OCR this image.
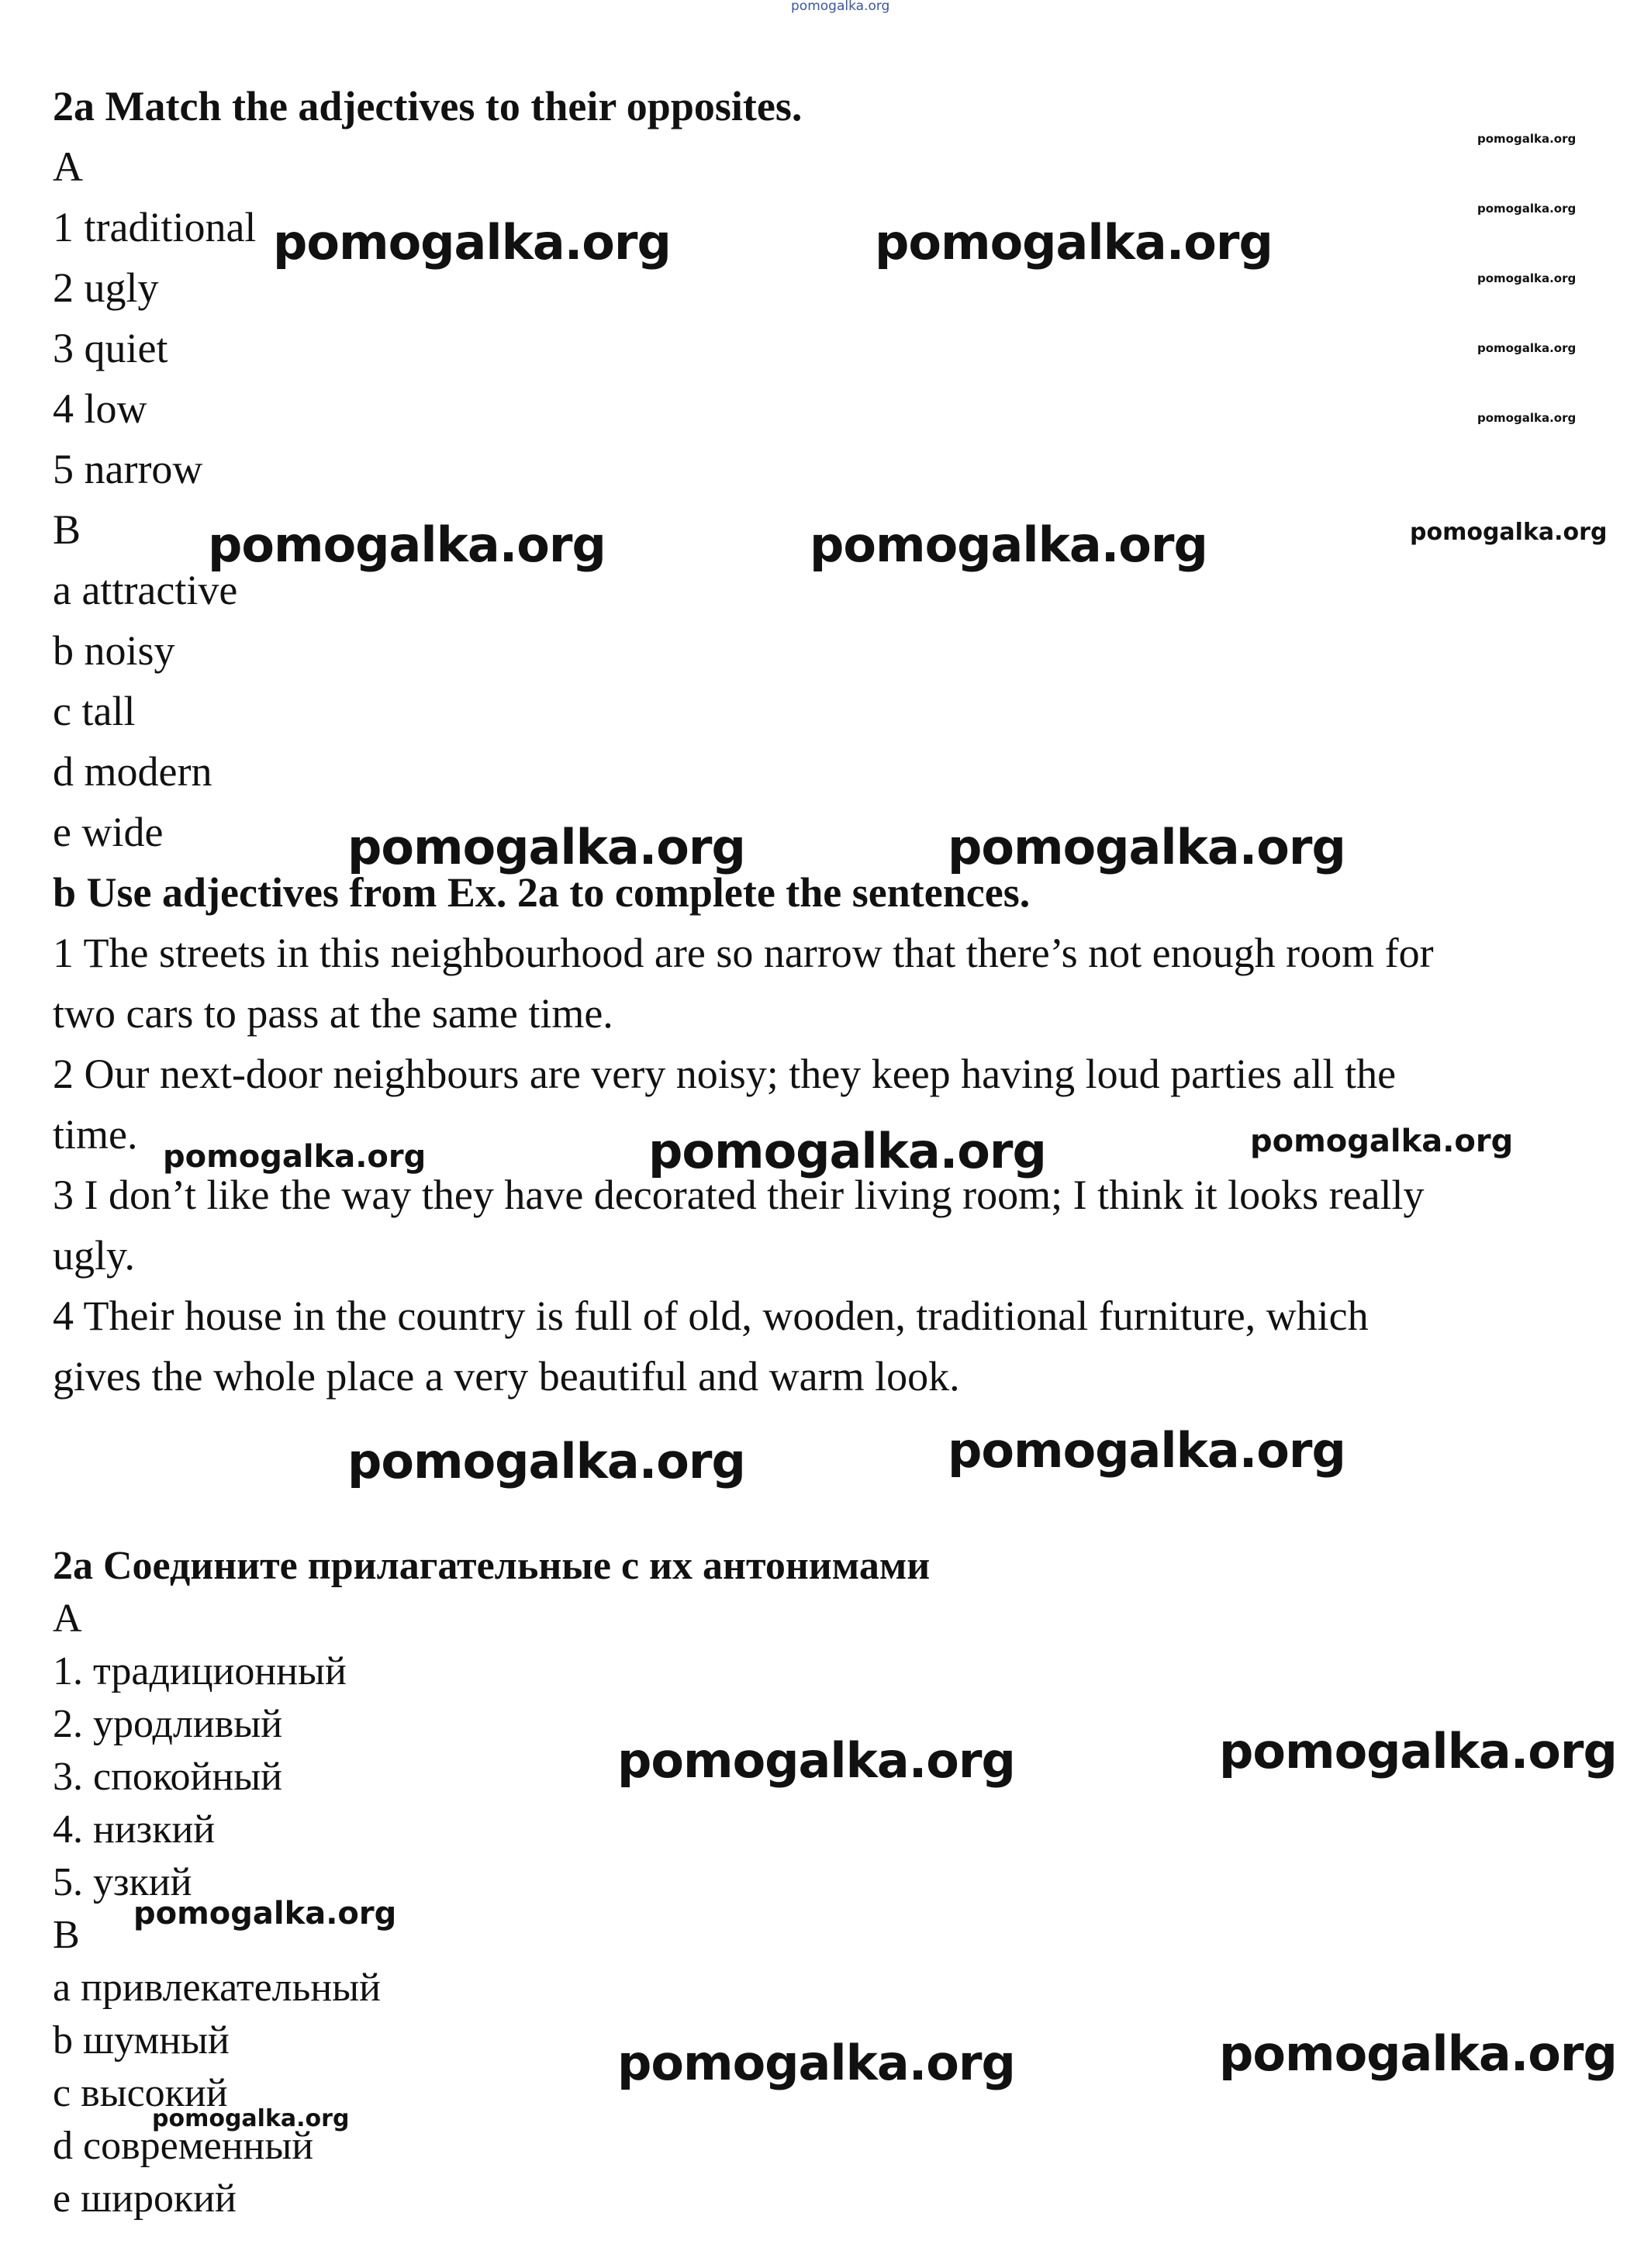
pomogalka.org
2a Match the adjectives to their opposites.
A
1 traditional
2 ugly
3 quiet
4 low
5 narrow
B
a attractive
b noisy
c tall
d modern
e wide
b Use adjectives from Ex. 2a to complete the sentences.
1 The streets in this neighbourhood are so narrow that there’s not enough room for
two cars to pass at the same time.
2 Our next-door neighbours are very noisy; they keep having loud parties all the
time.
3 I don’t like the way they have decorated their living room; I think it looks really
ugly.
4 Their house in the country is full of old, wooden, traditional furniture, which
gives the whole place a very beautiful and warm look.
2a Соедините прилагательные с их антонимами
A
1. традиционный
2. уродливый
3. спокойный
4. низкий
5. узкий
B
a привлекательный
b шумный
c высокий
d современный
e широкий
pomogalka.org
pomogalka.org
pomogalka.org
pomogalka.org
pomogalka.org
pomogalka.org
pomogalka.org	pomogalka.org
pomogalka.org	pomogalka.org
pomogalka.org	pomogalka.org
pomogalka.org	pomogalka.org	pomogalka.org
pomogalka.org	pomogalka.org
pomogalka.org	pomogalka.org
pomogalka.org
pomogalka.org	pomogalka.org
pomogalka.org
